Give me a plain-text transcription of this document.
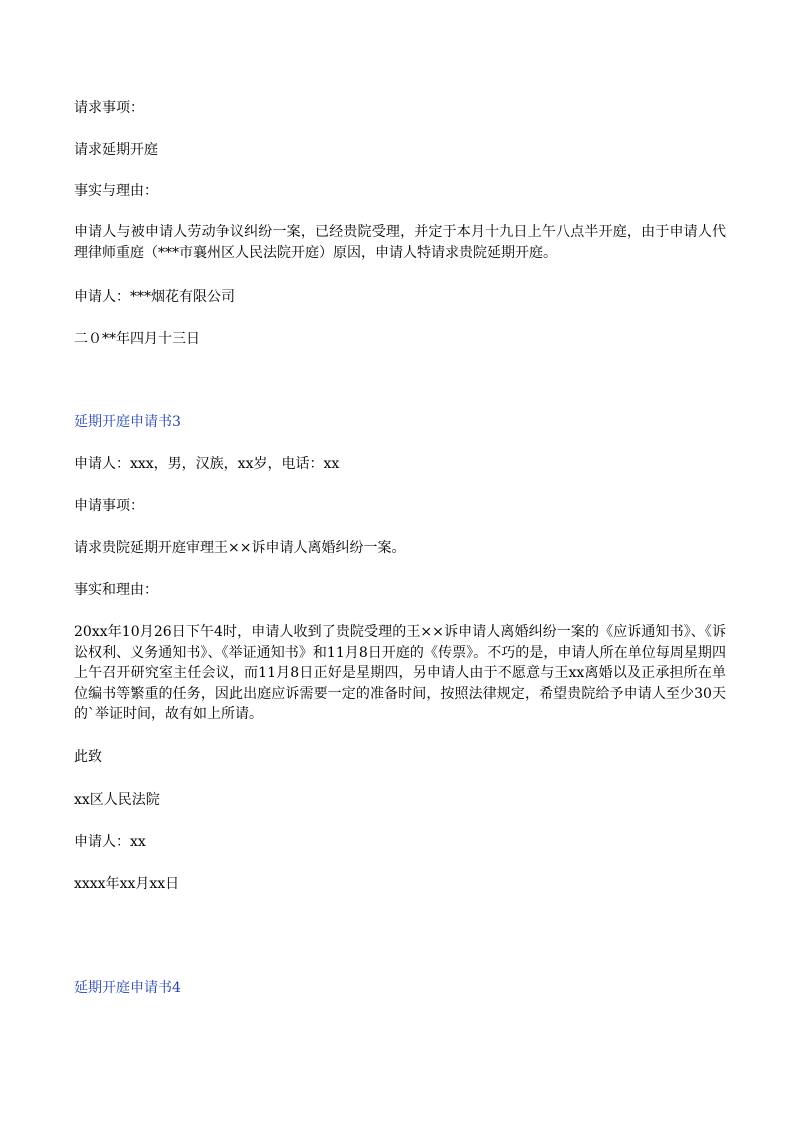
请求事项：
请求延期开庭
事实与理由：
申请人与被申请人劳动争议纠纷一案，已经贵院受理，并定于本月十九日上午八点半开庭，由于申请人代理律师重庭（***市襄州区人民法院开庭）原因，申请人特请求贵院延期开庭。
申请人：***烟花有限公司
二０**年四月十三日
延期开庭申请书3
申请人：xxx，男，汉族，xx岁，电话：xx
申请事项：
请求贵院延期开庭审理王××诉申请人离婚纠纷一案。
事实和理由：
20xx年10月26日下午4时，申请人收到了贵院受理的王××诉申请人离婚纠纷一案的《应诉通知书》、《诉讼权利、义务通知书》、《举证通知书》和11月8日开庭的《传票》。不巧的是，申请人所在单位每周星期四上午召开研究室主任会议，而11月8日正好是星期四，另申请人由于不愿意与王xx离婚以及正承担所在单位编书等繁重的任务，因此出庭应诉需要一定的准备时间，按照法律规定，希望贵院给予申请人至少30天的`举证时间，故有如上所请。
此致
xx区人民法院
申请人：xx
xxxx年xx月xx日
延期开庭申请书4
